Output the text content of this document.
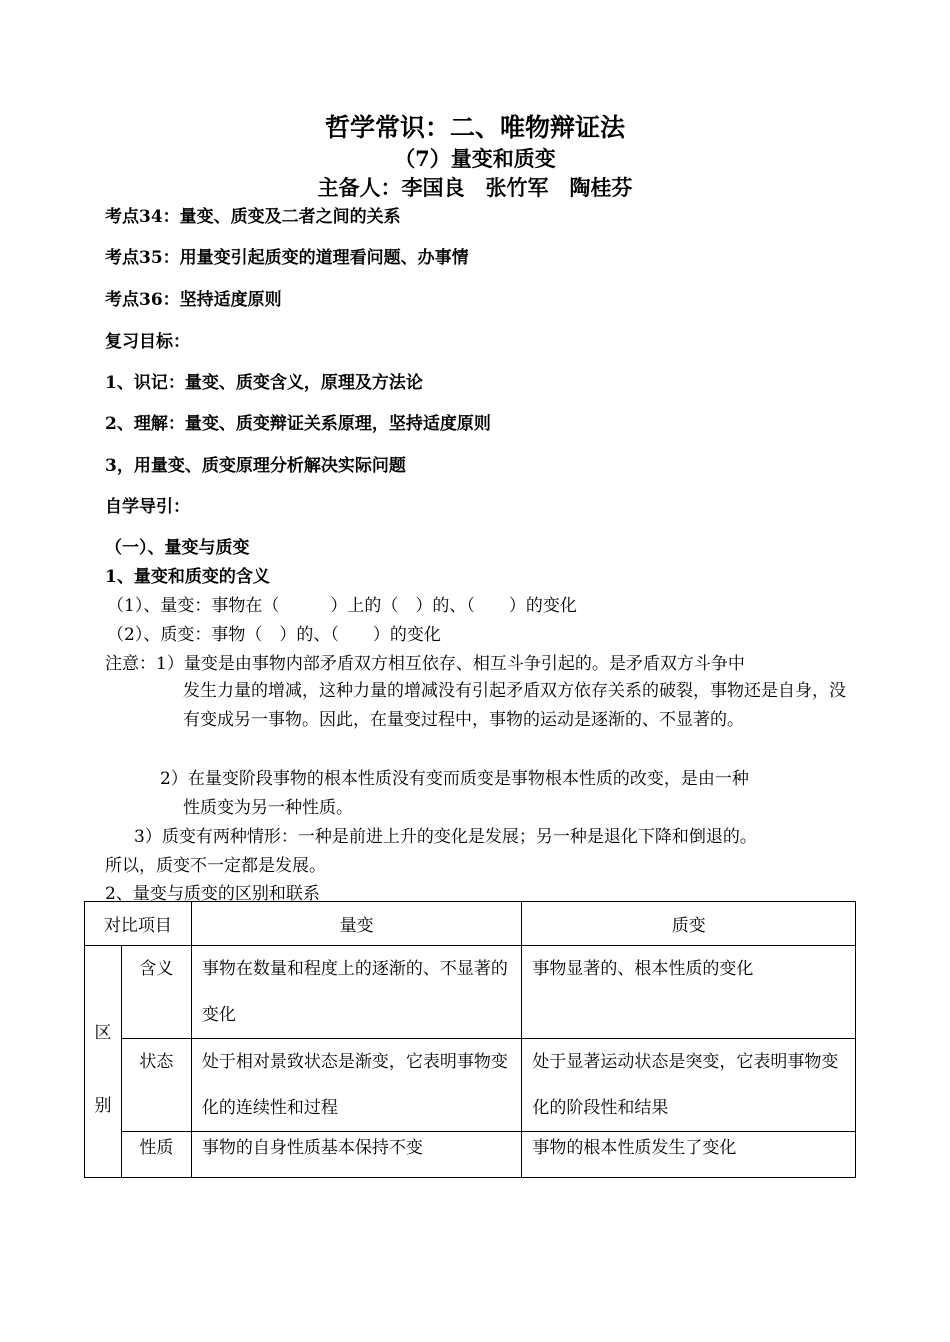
哲学常识：二、唯物辩证法
（7）量变和质变
主备人：李国良　张竹军　陶桂芬
考点34：量变、质变及二者之间的关系
考点35：用量变引起质变的道理看问题、办事情
考点36：坚持适度原则
复习目标：
1、识记：量变、质变含义，原理及方法论
2、理解：量变、质变辩证关系原理，坚持适度原则
3，用量变、质变原理分析解决实际问题
自学导引：
（一）、量变与质变
1、量变和质变的含义
（1）、量变：事物在（　　　）上的（　）的、（　　）的变化
（2）、质变：事物（　）的、（　　）的变化
注意： 1）量变是由事物内部矛盾双方相互依存、相互斗争引起的。是矛盾双方斗争中
发生力量的增减，这种力量的增减没有引起矛盾双方依存关系的破裂，事物还是自身，没有变成另一事物。因此，在量变过程中，事物的运动是逐渐的、不显著的。
2）在量变阶段事物的根本性质没有变而质变是事物根本性质的改变，是由一种
性质变为另一种性质。
3）质变有两种情形：一种是前进上升的变化是发展；另一种是退化下降和倒退的。
所以，质变不一定都是发展。
2、量变与质变的区别和联系
对比项目		量变	质变

区
别	含义	事物在数量和程度上的逐渐的、不显著的变化	事物显著的、根本性质的变化
	状态	处于相对景致状态是渐变，它表明事物变化的连续性和过程	处于显著运动状态是突变，它表明事物变化的阶段性和结果
	性质	事物的自身性质基本保持不变	事物的根本性质发生了变化
